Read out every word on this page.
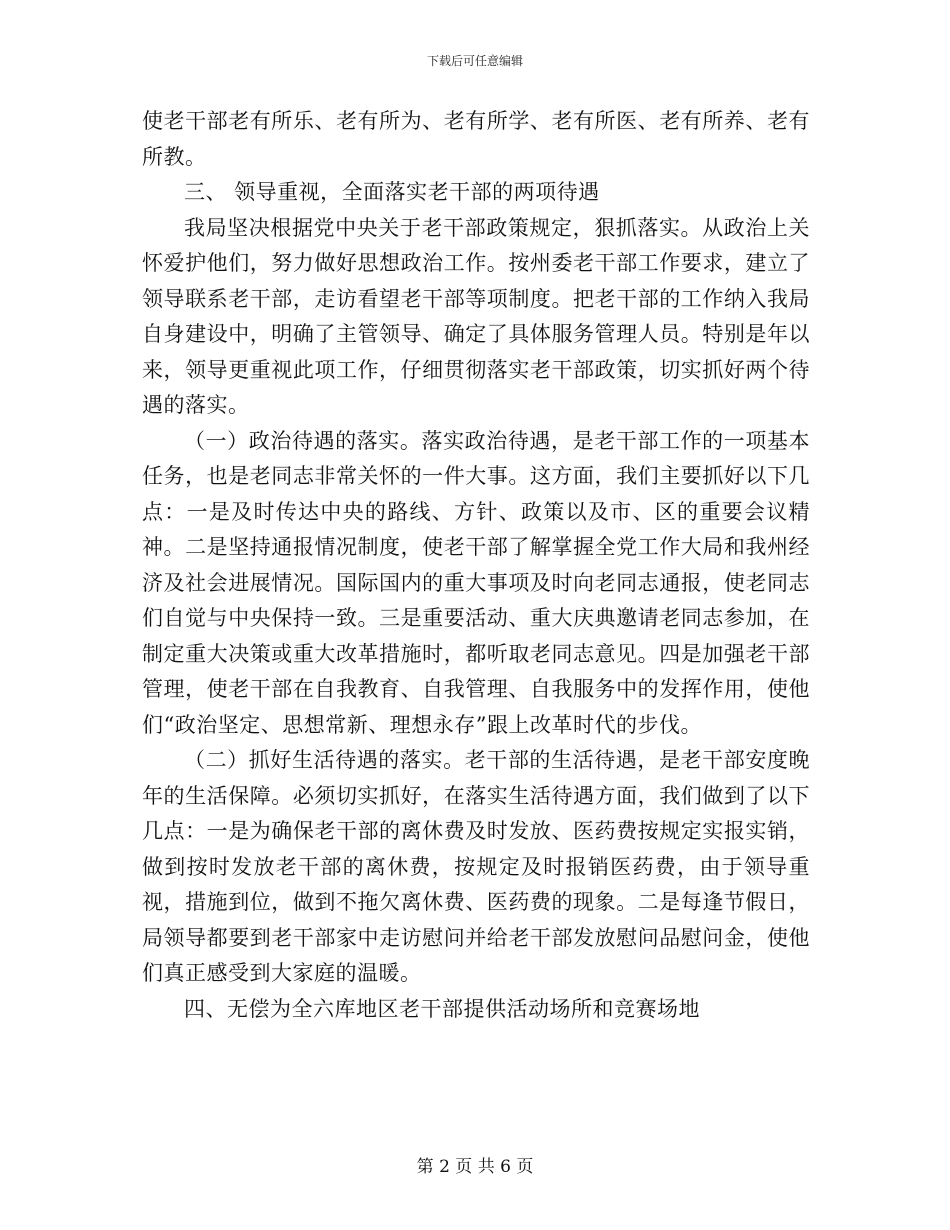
下载后可任意编辑

使老干部老有所乐、老有所为、老有所学、老有所医、老有所养、老有所教。

三、 领导重视，全面落实老干部的两项待遇

我局坚决根据党中央关于老干部政策规定，狠抓落实。从政治上关怀爱护他们，努力做好思想政治工作。按州委老干部工作要求，建立了领导联系老干部，走访看望老干部等项制度。把老干部的工作纳入我局自身建设中，明确了主管领导、确定了具体服务管理人员。特别是年以来，领导更重视此项工作，仔细贯彻落实老干部政策，切实抓好两个待遇的落实。

（一）政治待遇的落实。落实政治待遇，是老干部工作的一项基本任务，也是老同志非常关怀的一件大事。这方面，我们主要抓好以下几点：一是及时传达中央的路线、方针、政策以及市、区的重要会议精神。二是坚持通报情况制度，使老干部了解掌握全党工作大局和我州经济及社会进展情况。国际国内的重大事项及时向老同志通报，使老同志们自觉与中央保持一致。三是重要活动、重大庆典邀请老同志参加，在制定重大决策或重大改革措施时，都听取老同志意见。四是加强老干部管理，使老干部在自我教育、自我管理、自我服务中的发挥作用，使他们“政治坚定、思想常新、理想永存”跟上改革时代的步伐。

（二）抓好生活待遇的落实。老干部的生活待遇，是老干部安度晚年的生活保障。必须切实抓好，在落实生活待遇方面，我们做到了以下几点：一是为确保老干部的离休费及时发放、医药费按规定实报实销，做到按时发放老干部的离休费，按规定及时报销医药费，由于领导重视，措施到位，做到不拖欠离休费、医药费的现象。二是每逢节假日，局领导都要到老干部家中走访慰问并给老干部发放慰问品慰问金，使他们真正感受到大家庭的温暖。

四、无偿为全六库地区老干部提供活动场所和竞赛场地

第 2 页 共 6 页
